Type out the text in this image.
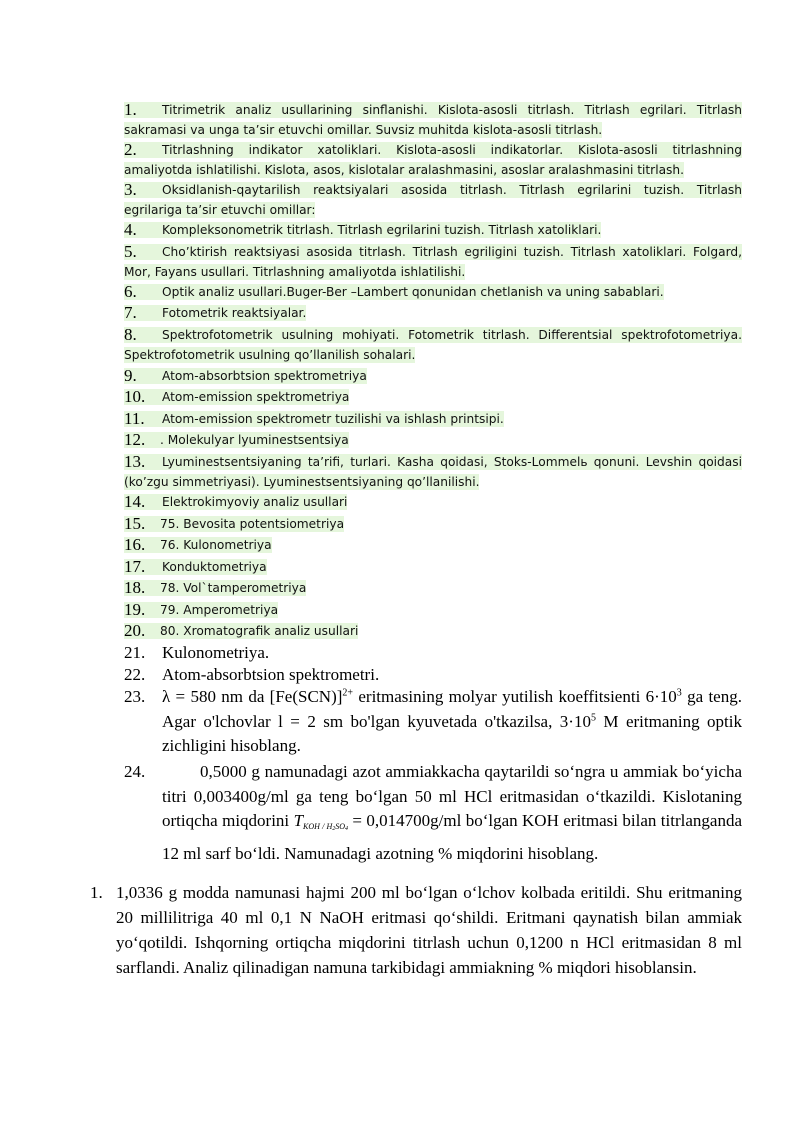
1.	Titrimetrik analiz usullarining sinflanishi. Kislota-asosli titrlash. Titrlash egrilari. Titrlash sakramasi va unga ta’sir etuvchi omillar. Suvsiz muhitda kislota-asosli titrlash.
2.	Titrlashning indikator xatoliklari. Kislota-asosli indikatorlar. Kislota-asosli titrlashning amaliyotda ishlatilishi. Kislota, asos, kislotalar aralashmasini, asoslar aralashmasini titrlash.
3.	Oksidlanish-qaytarilish reaktsiyalari asosida titrlash. Titrlash egrilarini tuzish. Titrlash egrilariga ta’sir etuvchi omillar:
4.	Kompleksonometrik titrlash. Titrlash egrilarini tuzish. Titrlash xatoliklari.
5.	Cho’ktirish reaktsiyasi asosida titrlash. Titrlash egriligini tuzish. Titrlash xatoliklari. Folgard, Mor, Fayans usullari. Titrlashning amaliyotda ishlatilishi.
6.	Optik analiz usullari.Buger-Ber –Lambert qonunidan chetlanish va uning sabablari.
7.	Fotometrik reaktsiyalar.
8.	Spektrofotometrik usulning mohiyati. Fotometrik titrlash. Differentsial spektrofotometriya. Spektrofotometrik usulning qo’llanilish sohalari.
9.	Atom-absorbtsion spektrometriya
10.	Atom-emission spektrometriya
11.	Atom-emission spektrometr tuzilishi va ishlash printsipi.
12.	. Molekulyar lyuminestsentsiya
13.	Lyuminestsentsiyaning ta’rifi, turlari. Kasha qoidasi, Stoks-Lommelь qonuni. Levshin qoidasi (ko’zgu simmetriyasi). Lyuminestsentsiyaning qo’llanilishi.
14.	Elektrokimyoviy analiz usullari
15.	75. Bevosita potentsiometriya
16.	76. Kulonometriya
17.	Konduktometriya
18.	78. Vol`tamperometriya
19.	79. Amperometriya
20.	80. Xromatografik analiz usullari
21. Kulonometriya.
22. Atom-absorbtsion spektrometri.
23. λ = 580 nm da $[Fe(SCN)]^{2+}$ eritmasining molyar yutilish koeffitsienti $6\cdot 10^3$ ga teng. Agar o'lchovlar l = 2 sm bo'lgan kyuvetada o'tkazilsa, $3\cdot 10^5$ M eritmaning optik zichligini hisoblang.
24.	0,5000 g namunadagi azot ammiakkacha qaytarildi so‘ngra u ammiak bo‘yicha titri 0,003400g/ml ga teng bo‘lgan 50 ml HCl eritmasidan o‘tkazildi. Kislotaning ortiqcha miqdorini TKOH / $H_2SO_4 = 0,014700g/ml$ bo‘lgan KOH eritmasi bilan titrlanganda 12 ml sarf bo‘ldi. Namunadagi azotning % miqdorini hisoblang.
1. 1,0336 g modda namunasi hajmi 200 ml bo‘lgan o‘lchov kolbada eritildi. Shu eritmaning 20 millilitriga 40 ml 0,1 N NaOH eritmasi qo‘shildi. Eritmani qaynatish bilan ammiak yo‘qotildi. Ishqorning ortiqcha miqdorini titrlash uchun 0,1200 n HCl eritmasidan 8 ml sarflandi. Analiz qilinadigan namuna tarkibidagi ammiakning % miqdori hisoblansin.
